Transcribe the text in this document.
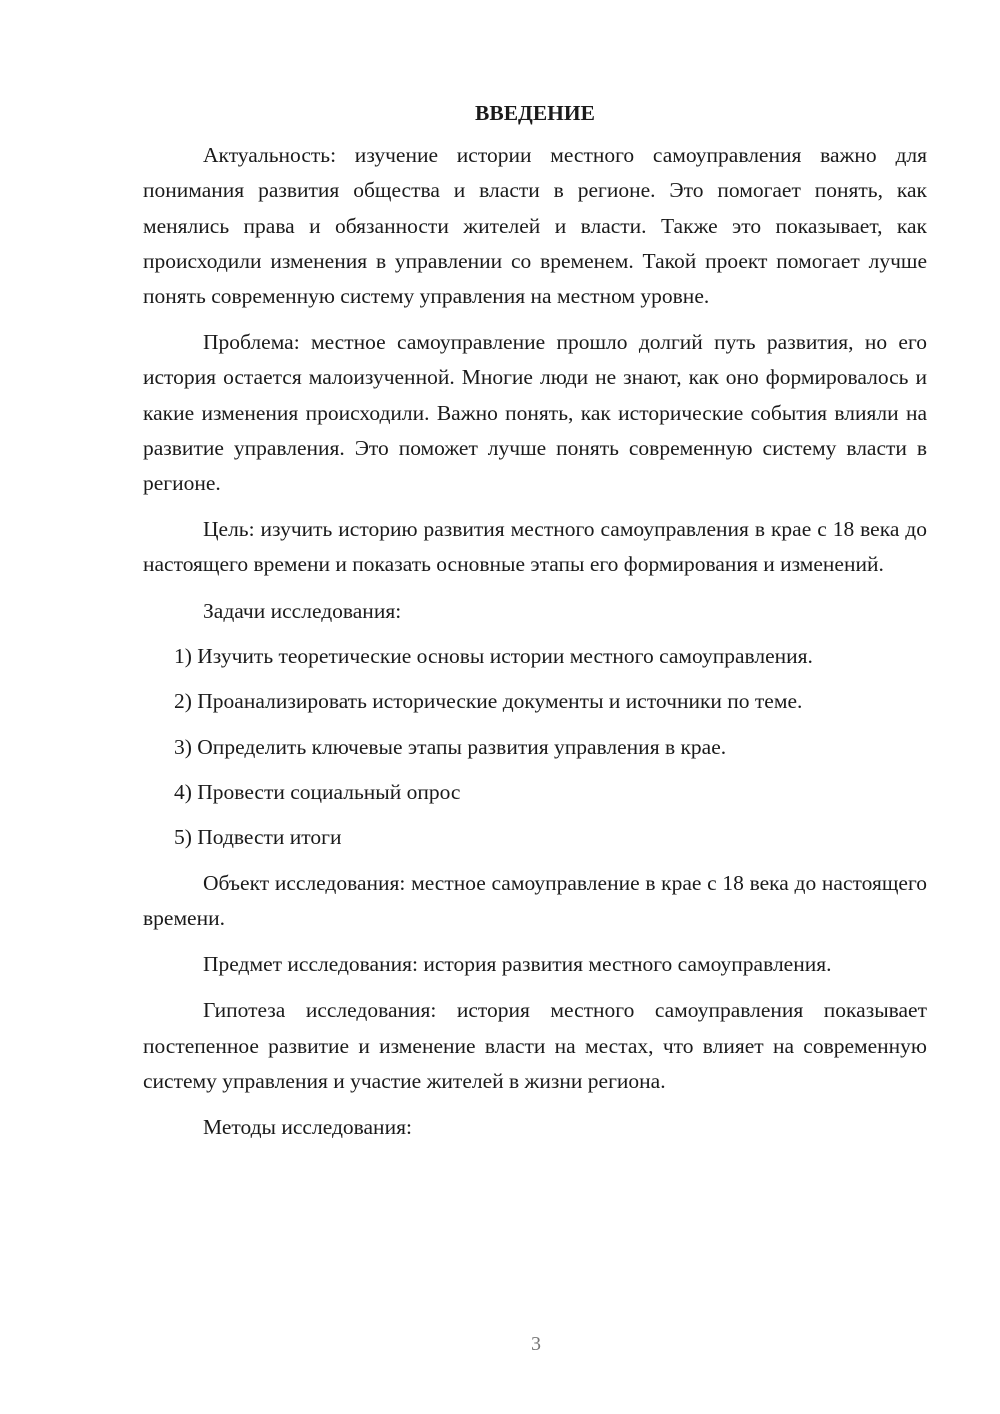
ВВЕДЕНИЕ

Актуальность: изучение истории местного самоуправления важно для понимания развития общества и власти в регионе. Это помогает понять, как менялись права и обязанности жителей и власти. Также это показывает, как происходили изменения в управлении со временем. Такой проект помогает лучше понять современную систему управления на местном уровне.

Проблема: местное самоуправление прошло долгий путь развития, но его история остается малоизученной. Многие люди не знают, как оно формировалось и какие изменения происходили. Важно понять, как исторические события влияли на развитие управления. Это поможет лучше понять современную систему власти в регионе.

Цель: изучить историю развития местного самоуправления в крае с 18 века до настоящего времени и показать основные этапы его формирования и изменений.

Задачи исследования:

1) Изучить теоретические основы истории местного самоуправления.
2) Проанализировать исторические документы и источники по теме.
3) Определить ключевые этапы развития управления в крае.
4) Провести социальный опрос
5) Подвести итоги

Объект исследования: местное самоуправление в крае с 18 века до настоящего времени.

Предмет исследования: история развития местного самоуправления.

Гипотеза исследования: история местного самоуправления показывает постепенное развитие и изменение власти на местах, что влияет на современную систему управления и участие жителей в жизни региона.

Методы исследования:

3
